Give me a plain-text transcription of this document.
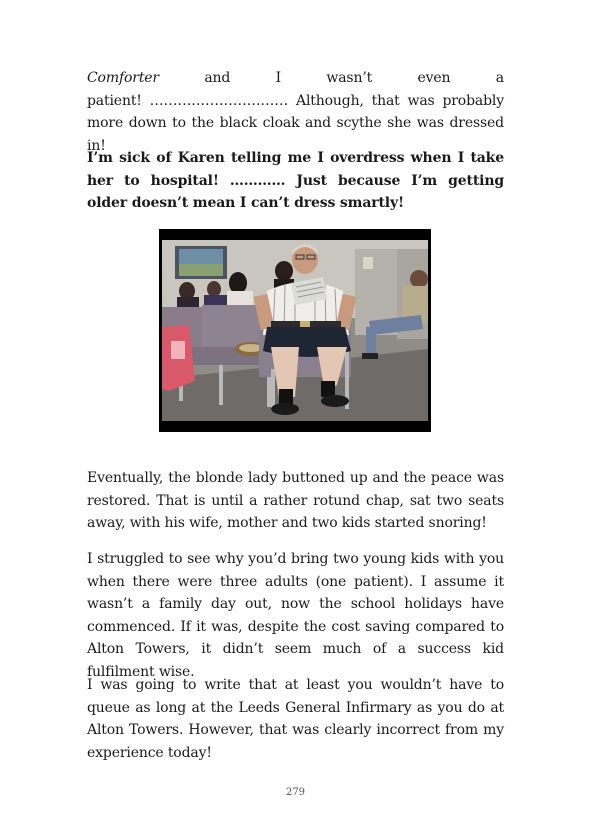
Comforter	and	I	wasn’t	even	a
patient! ………………………… Although, that was probably more down to the black cloak and scythe she was dressed in!

I’m sick of Karen telling me I overdress when I take her to hospital! ………… Just because I’m getting older doesn’t mean I can’t dress smartly!

Eventually, the blonde lady buttoned up and the peace was restored. That is until a rather rotund chap, sat two seats away, with his wife, mother and two kids started snoring!

I struggled to see why you’d bring two young kids with you when there were three adults (one patient). I assume it wasn’t a family day out, now the school holidays have commenced. If it was, despite the cost saving compared to Alton Towers, it didn’t seem much of a success kid fulfilment wise.

I was going to write that at least you wouldn’t have to queue as long at the Leeds General Infirmary as you do at Alton Towers. However, that was clearly incorrect from my experience today!

279
